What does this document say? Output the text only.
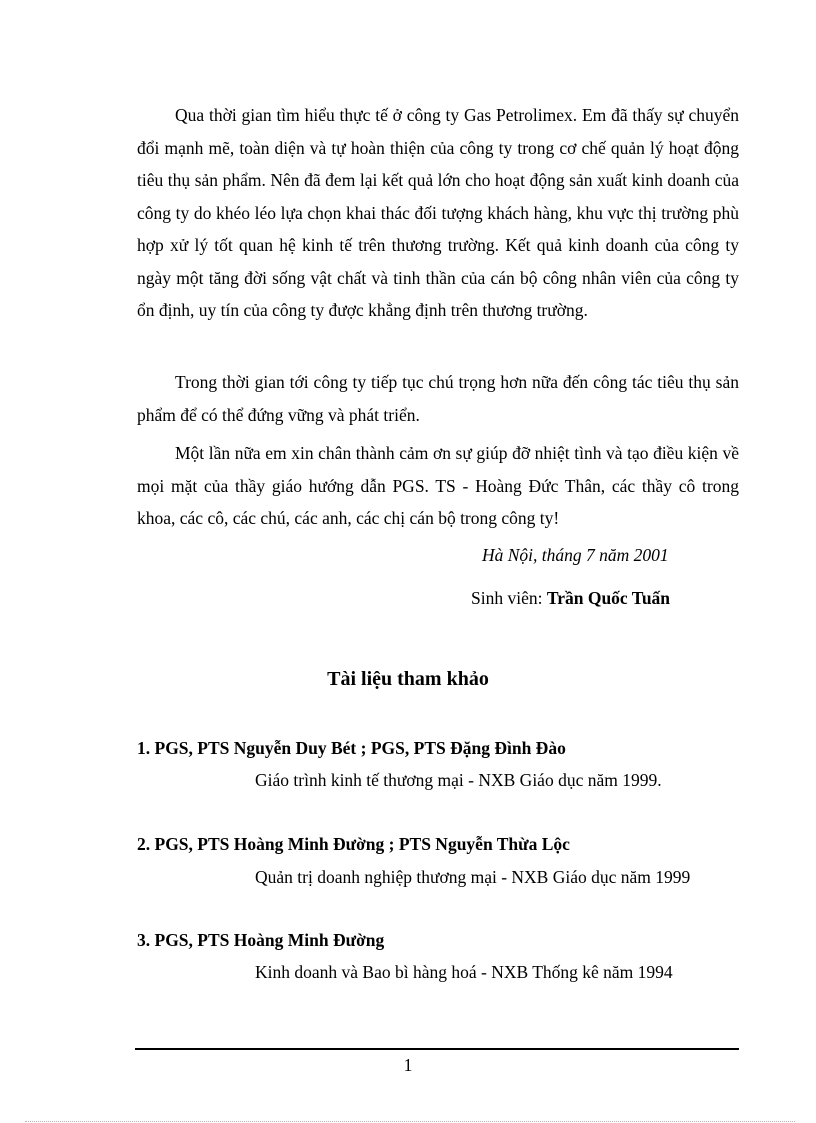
Qua thời gian tìm hiểu thực tế ở công ty Gas Petrolimex. Em đã thấy sự chuyển đổi mạnh mẽ, toàn diện và tự hoàn thiện của công ty trong cơ chế quản lý hoạt động tiêu thụ sản phẩm. Nên đã đem lại kết quả lớn cho hoạt động sản xuất kinh doanh của công ty do khéo léo lựa chọn khai thác đối tượng khách hàng, khu vực thị trường phù hợp xử lý tốt quan hệ kinh tế trên thương trường. Kết quả kinh doanh của công ty ngày một tăng đời sống vật chất và tinh thần của cán bộ công nhân viên của công ty ổn định, uy tín của công ty được khẳng định trên thương trường.

Trong thời gian tới công ty tiếp tục chú trọng hơn nữa đến công tác tiêu thụ sản phẩm để có thể đứng vững và phát triển.

Một lần nữa em xin chân thành cảm ơn sự giúp đỡ nhiệt tình và tạo điều kiện về mọi mặt của thầy giáo hướng dẫn PGS. TS - Hoàng Đức Thân, các thầy cô trong khoa, các cô, các chú, các anh, các chị cán bộ trong công ty!

Hà Nội, tháng 7 năm 2001
Sinh viên: Trần Quốc Tuấn
Tài liệu tham khảo
1. PGS, PTS Nguyễn Duy Bét ; PGS, PTS Đặng Đình Đào
Giáo trình kinh tế thương mại - NXB Giáo dục năm 1999.
2. PGS, PTS Hoàng Minh Đường ; PTS Nguyễn Thừa Lộc
Quản trị doanh nghiệp thương mại - NXB Giáo dục năm 1999
3. PGS, PTS Hoàng Minh Đường
Kinh doanh và Bao bì hàng hoá - NXB Thống kê năm 1994
1
